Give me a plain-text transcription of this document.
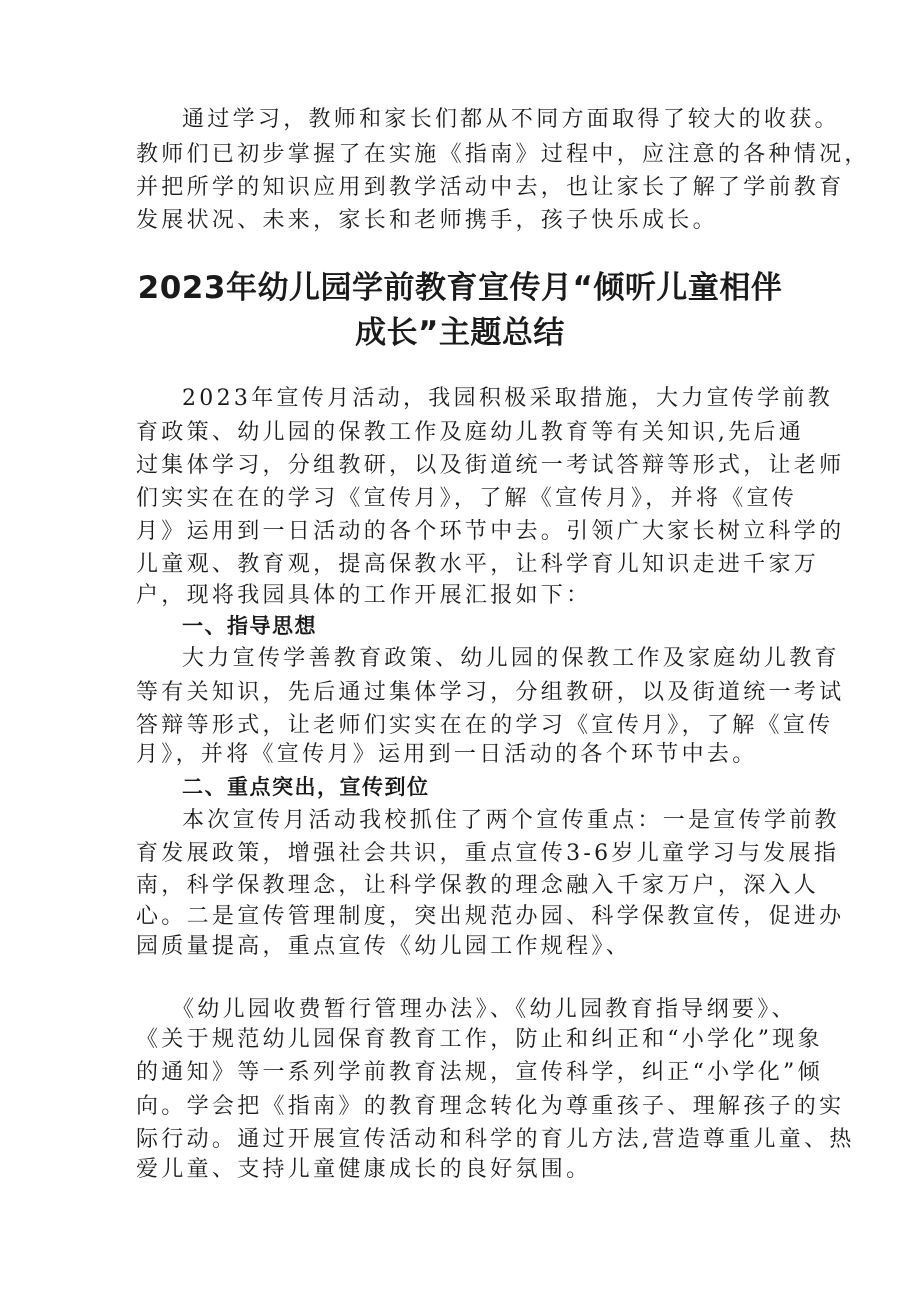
通过学习，教师和家长们都从不同方面取得了较大的收获。
教师们已初步掌握了在实施《指南》过程中，应注意的各种情况，
并把所学的知识应用到教学活动中去，也让家长了解了学前教育
发展状况、未来，家长和老师携手，孩子快乐成长。
2023年幼儿园学前教育宣传月“倾听儿童相伴
成长”主题总结
2023年宣传月活动，我园积极采取措施，大力宣传学前教
育政策、幼儿园的保教工作及庭幼儿教育等有关知识,先后通
过集体学习，分组教研，以及街道统一考试答辩等形式，让老师
们实实在在的学习《宣传月》，了解《宣传月》，并将《宣传
月》运用到一日活动的各个环节中去。引领广大家长树立科学的
儿童观、教育观，提高保教水平，让科学育儿知识走进千家万
户，现将我园具体的工作开展汇报如下：
一、指导思想
大力宣传学善教育政策、幼儿园的保教工作及家庭幼儿教育
等有关知识，先后通过集体学习，分组教研，以及街道统一考试
答辩等形式，让老师们实实在在的学习《宣传月》，了解《宣传
月》，并将《宣传月》运用到一日活动的各个环节中去。
二、重点突出，宣传到位
本次宣传月活动我校抓住了两个宣传重点：一是宣传学前教
育发展政策，增强社会共识，重点宣传3-6岁儿童学习与发展指
南，科学保教理念，让科学保教的理念融入千家万户，深入人
心。二是宣传管理制度，突出规范办园、科学保教宣传，促进办
园质量提高，重点宣传《幼儿园工作规程》、
《幼儿园收费暂行管理办法》、《幼儿园教育指导纲要》、
《关于规范幼儿园保育教育工作，防止和纠正和“小学化”现象
的通知》等一系列学前教育法规，宣传科学，纠正“小学化”倾
向。学会把《指南》的教育理念转化为尊重孩子、理解孩子的实
际行动。通过开展宣传活动和科学的育儿方法,营造尊重儿童、热
爱儿童、支持儿童健康成长的良好氛围。
